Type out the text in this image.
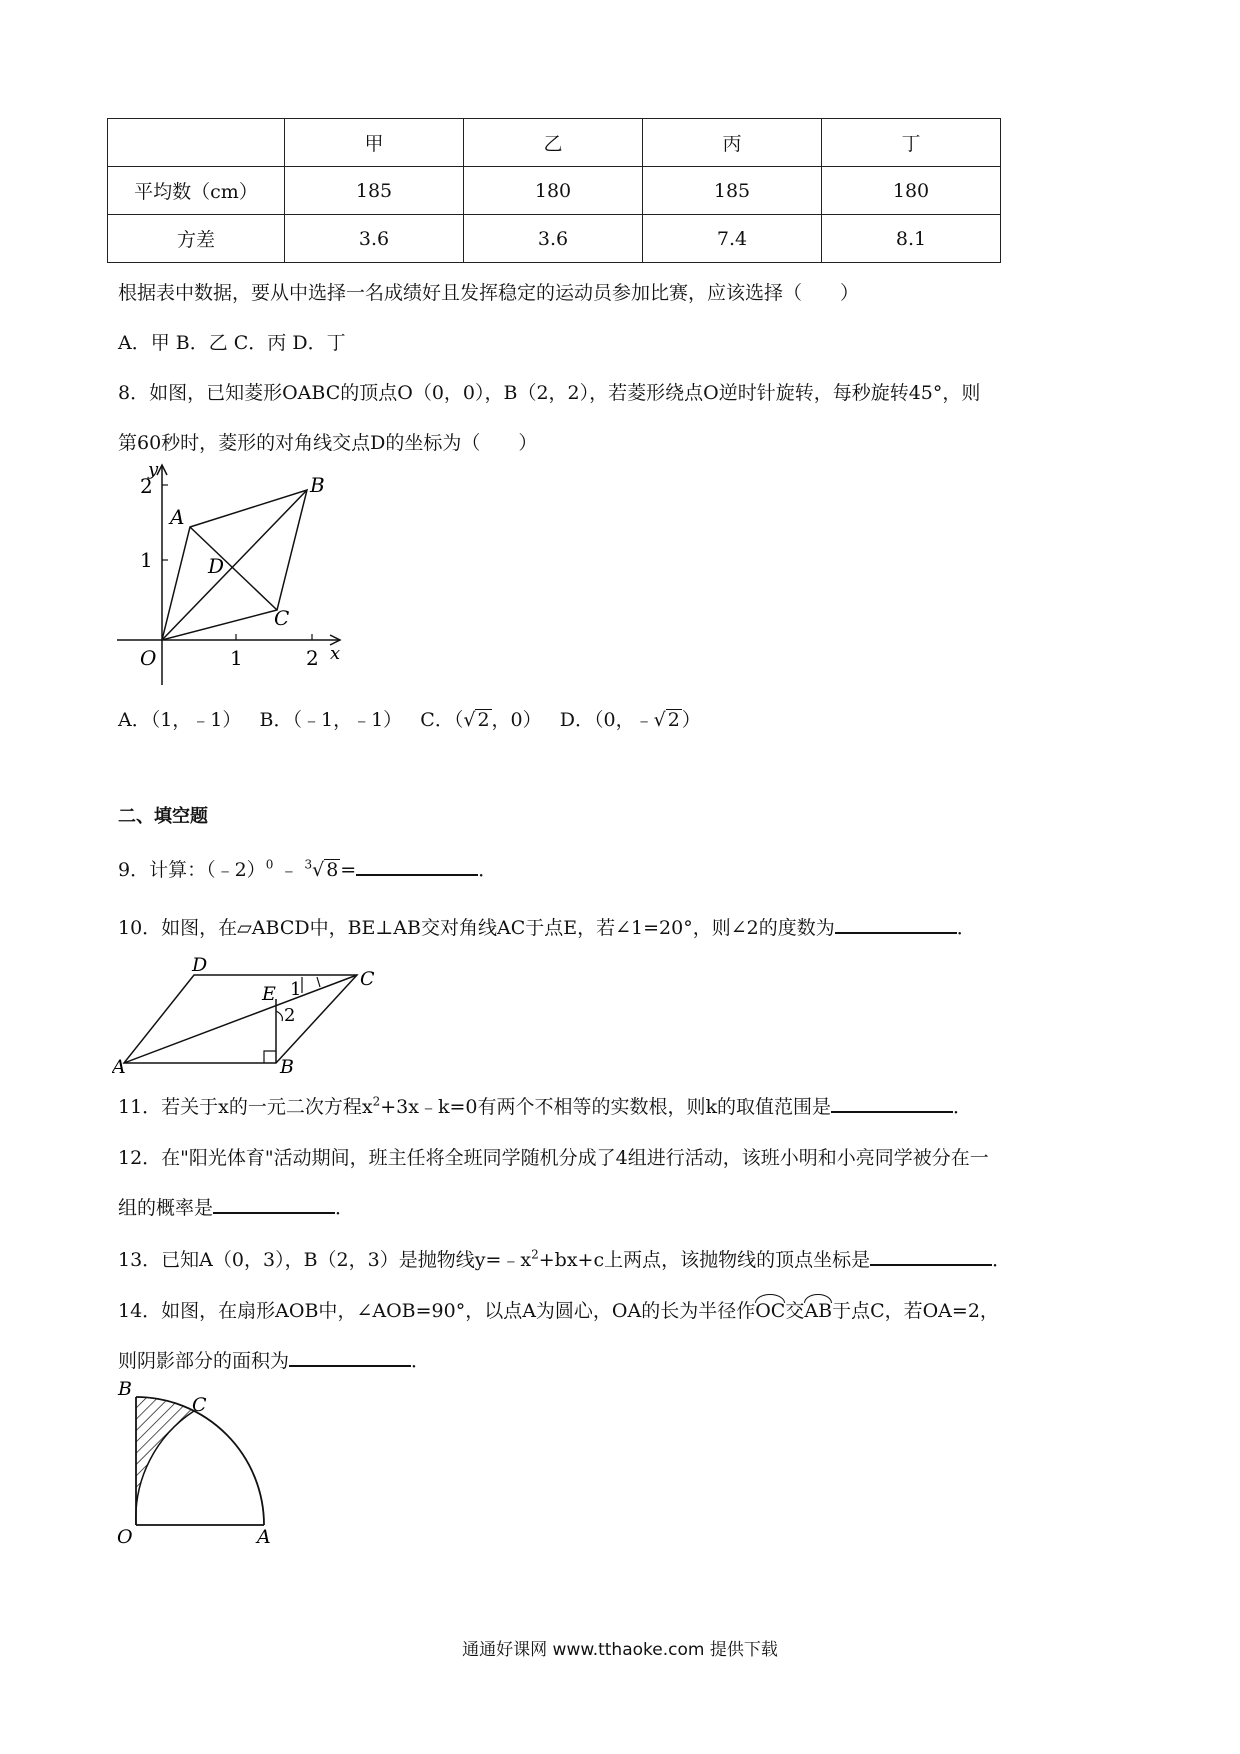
	甲	乙	丙	丁
平均数（cm）	185	180	185	180
方差	3.6	3.6	7.4	8.1
根据表中数据，要从中选择一名成绩好且发挥稳定的运动员参加比赛，应该选择（　　）
A．甲 B．乙 C．丙 D．丁
8．如图，已知菱形OABC的顶点O（0，0），B（2，2），若菱形绕点O逆时针旋转，每秒旋转45°，则
第60秒时，菱形的对角线交点D的坐标为（　　）
y
x
O
A
B
C
D
1	2
1
2
A．（1，﹣1） B．（﹣1，﹣1） C．（√ 2 ，0） D．（0，﹣√ 2 ）
二、填空题
9．计算：（﹣2）$^0$ ﹣ $^3$√ 8 =	．
10．如图，在▱ABCD中，BE⊥AB交对角线AC于点E，若∠1=20°，则∠2的度数为	．
D
C
A	B
E 1
2
11．若关于x的一元二次方程$x^2+3x﹣k=0$有两个不相等的实数根，则k的取值范围是	．
12．在"阳光体育"活动期间，班主任将全班同学随机分成了4组进行活动，该班小明和小亮同学被分在一
组的概率是	．
13．已知A（0，3），B（2，3）是抛物线$y=﹣x^2+bx+c$上两点，该抛物线的顶点坐标是	．
14．如图，在扇形AOB中，∠AOB=90°，以点A为圆心，OA的长为半径作OC交AB于点C，若OA=2，
则阴影部分的面积为	．
B
C
O	A
通通好课网 www.tthaoke.com 提供下载
